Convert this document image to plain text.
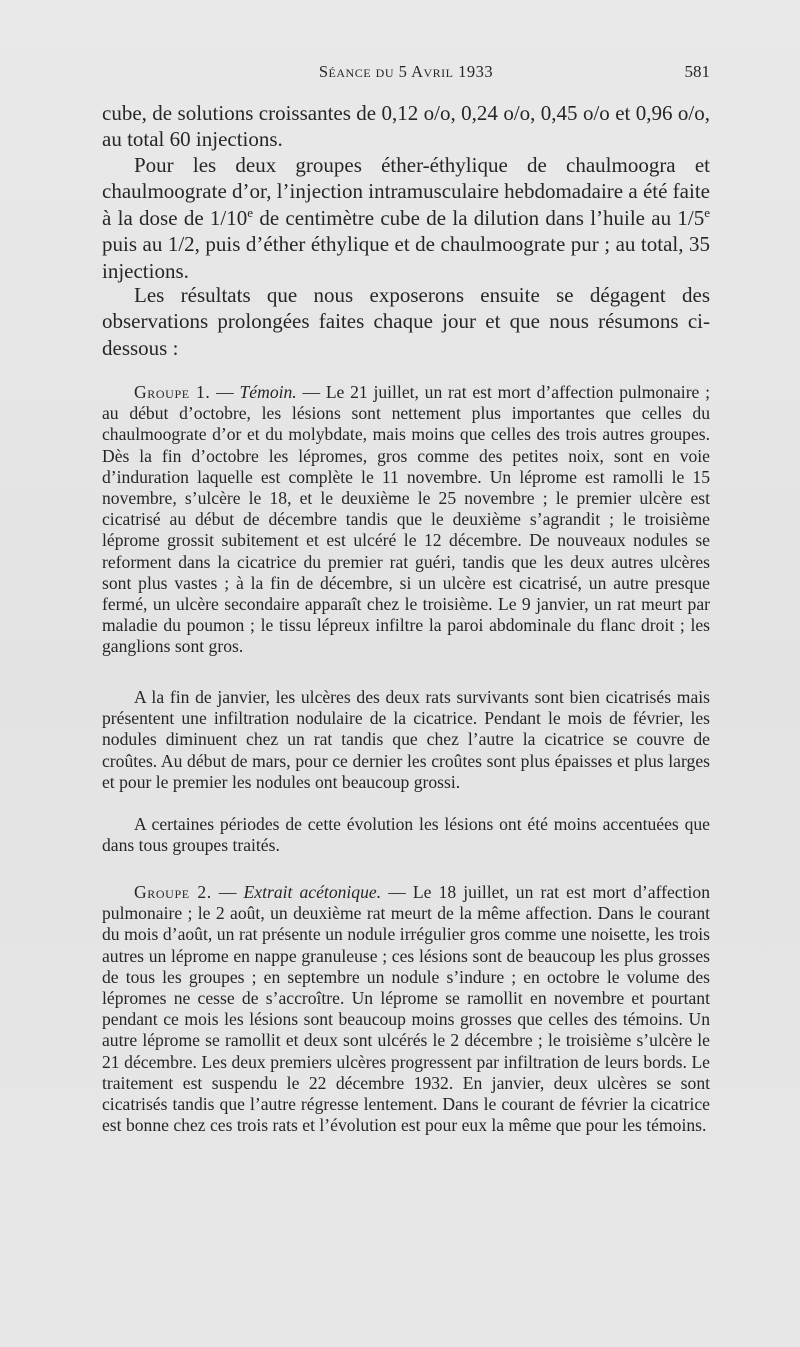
Séance du 5 Avril 1933	581

cube, de solutions croissantes de 0,12 o/o, 0,24 o/o, 0,45 o/o et 0,96 o/o, au total 60 injections.

Pour les deux groupes éther-éthylique de chaulmoogra et chaulmoograte d’or, l’injection intramusculaire hebdomadaire a été faite à la dose de 1/10e de centimètre cube de la dilution dans l’huile au 1/5e puis au 1/2, puis d’éther éthylique et de chaulmoograte pur ; au total, 35 injections.

Les résultats que nous exposerons ensuite se dégagent des observations prolongées faites chaque jour et que nous résumons ci-dessous :

Groupe 1. — Témoin. — Le 21 juillet, un rat est mort d’affection pulmonaire ; au début d’octobre, les lésions sont nettement plus importantes que celles du chaulmoograte d’or et du molybdate, mais moins que celles des trois autres groupes. Dès la fin d’octobre les lépromes, gros comme des petites noix, sont en voie d’induration laquelle est complète le 11 novembre. Un léprome est ramolli le 15 novembre, s’ulcère le 18, et le deuxième le 25 novembre ; le premier ulcère est cicatrisé au début de décembre tandis que le deuxième s’agrandit ; le troisième léprome grossit subitement et est ulcéré le 12 décembre. De nouveaux nodules se reforment dans la cicatrice du premier rat guéri, tandis que les deux autres ulcères sont plus vastes ; à la fin de décembre, si un ulcère est cicatrisé, un autre presque fermé, un ulcère secondaire apparaît chez le troisième. Le 9 janvier, un rat meurt par maladie du poumon ; le tissu lépreux infiltre la paroi abdominale du flanc droit ; les ganglions sont gros.

A la fin de janvier, les ulcères des deux rats survivants sont bien cicatrisés mais présentent une infiltration nodulaire de la cicatrice. Pendant le mois de février, les nodules diminuent chez un rat tandis que chez l’autre la cicatrice se couvre de croûtes. Au début de mars, pour ce dernier les croûtes sont plus épaisses et plus larges et pour le premier les nodules ont beaucoup grossi.

A certaines périodes de cette évolution les lésions ont été moins accentuées que dans tous groupes traités.

Groupe 2. — Extrait acétonique. — Le 18 juillet, un rat est mort d’affection pulmonaire ; le 2 août, un deuxième rat meurt de la même affection. Dans le courant du mois d’août, un rat présente un nodule irrégulier gros comme une noisette, les trois autres un léprome en nappe granuleuse ; ces lésions sont de beaucoup les plus grosses de tous les groupes ; en septembre un nodule s’indure ; en octobre le volume des lépromes ne cesse de s’accroître. Un léprome se ramollit en novembre et pourtant pendant ce mois les lésions sont beaucoup moins grosses que celles des témoins. Un autre léprome se ramollit et deux sont ulcérés le 2 décembre ; le troisième s’ulcère le 21 décembre. Les deux premiers ulcères progressent par infiltration de leurs bords. Le traitement est suspendu le 22 décembre 1932. En janvier, deux ulcères se sont cicatrisés tandis que l’autre régresse lentement. Dans le courant de février la cicatrice est bonne chez ces trois rats et l’évolution est pour eux la même que pour les témoins.
